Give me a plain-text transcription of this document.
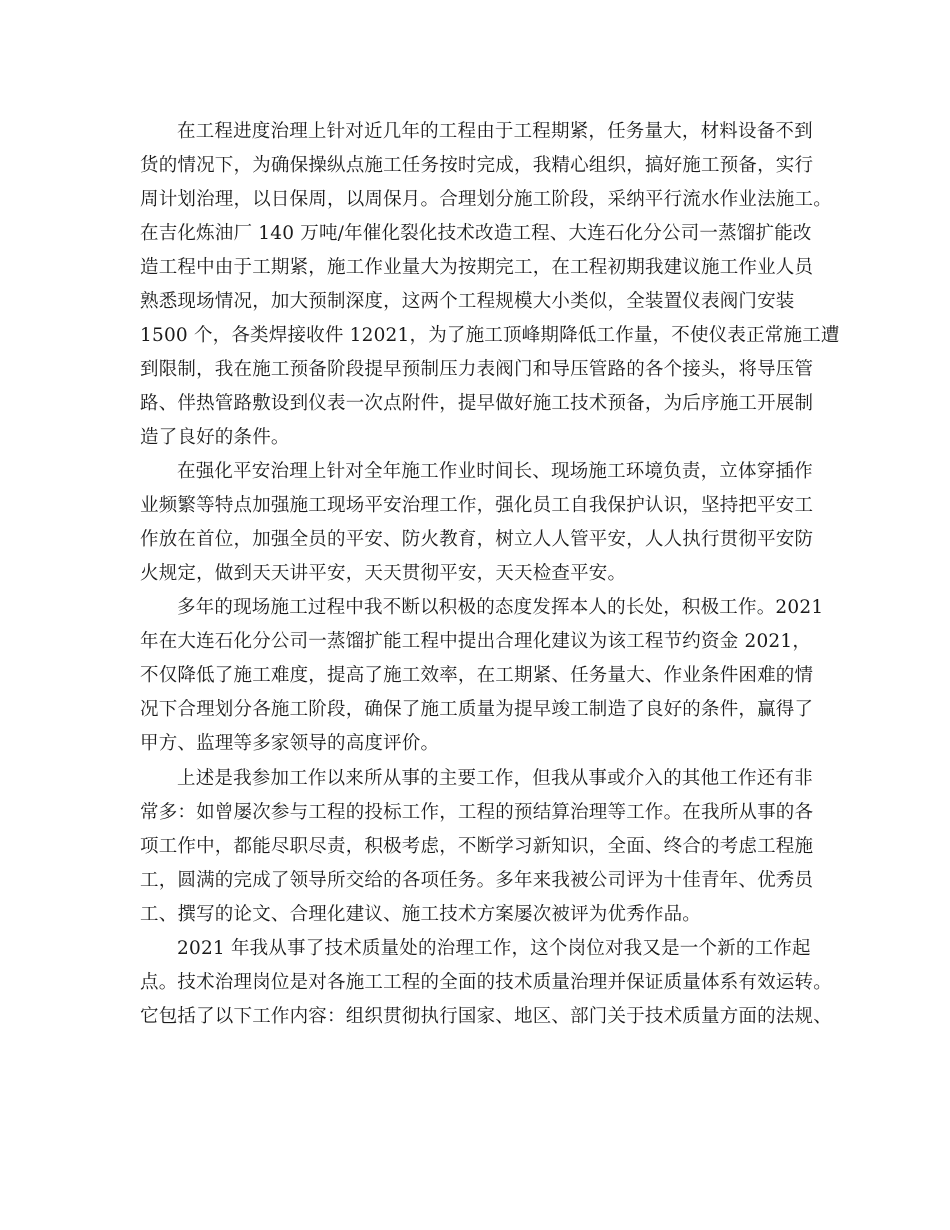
在工程进度治理上针对近几年的工程由于工程期紧，任务量大，材料设备不到
货的情况下，为确保操纵点施工任务按时完成，我精心组织，搞好施工预备，实行
周计划治理，以日保周，以周保月。合理划分施工阶段，采纳平行流水作业法施工。
在吉化炼油厂 140 万吨/年催化裂化技术改造工程、大连石化分公司一蒸馏扩能改
造工程中由于工期紧，施工作业量大为按期完工，在工程初期我建议施工作业人员
熟悉现场情况，加大预制深度，这两个工程规模大小类似，全装置仪表阀门安装
1500 个，各类焊接收件 12021，为了施工顶峰期降低工作量，不使仪表正常施工遭
到限制，我在施工预备阶段提早预制压力表阀门和导压管路的各个接头，将导压管
路、伴热管路敷设到仪表一次点附件，提早做好施工技术预备，为后序施工开展制
造了良好的条件。
在强化平安治理上针对全年施工作业时间长、现场施工环境负责，立体穿插作
业频繁等特点加强施工现场平安治理工作，强化员工自我保护认识，坚持把平安工
作放在首位，加强全员的平安、防火教育，树立人人管平安，人人执行贯彻平安防
火规定，做到天天讲平安，天天贯彻平安，天天检查平安。
多年的现场施工过程中我不断以积极的态度发挥本人的长处，积极工作。2021
年在大连石化分公司一蒸馏扩能工程中提出合理化建议为该工程节约资金 2021，
不仅降低了施工难度，提高了施工效率，在工期紧、任务量大、作业条件困难的情
况下合理划分各施工阶段，确保了施工质量为提早竣工制造了良好的条件，赢得了
甲方、监理等多家领导的高度评价。
上述是我参加工作以来所从事的主要工作，但我从事或介入的其他工作还有非
常多：如曾屡次参与工程的投标工作，工程的预结算治理等工作。在我所从事的各
项工作中，都能尽职尽责，积极考虑，不断学习新知识，全面、终合的考虑工程施
工，圆满的完成了领导所交给的各项任务。多年来我被公司评为十佳青年、优秀员
工、撰写的论文、合理化建议、施工技术方案屡次被评为优秀作品。
2021 年我从事了技术质量处的治理工作，这个岗位对我又是一个新的工作起
点。技术治理岗位是对各施工工程的全面的技术质量治理并保证质量体系有效运转。
它包括了以下工作内容：组织贯彻执行国家、地区、部门关于技术质量方面的法规、
